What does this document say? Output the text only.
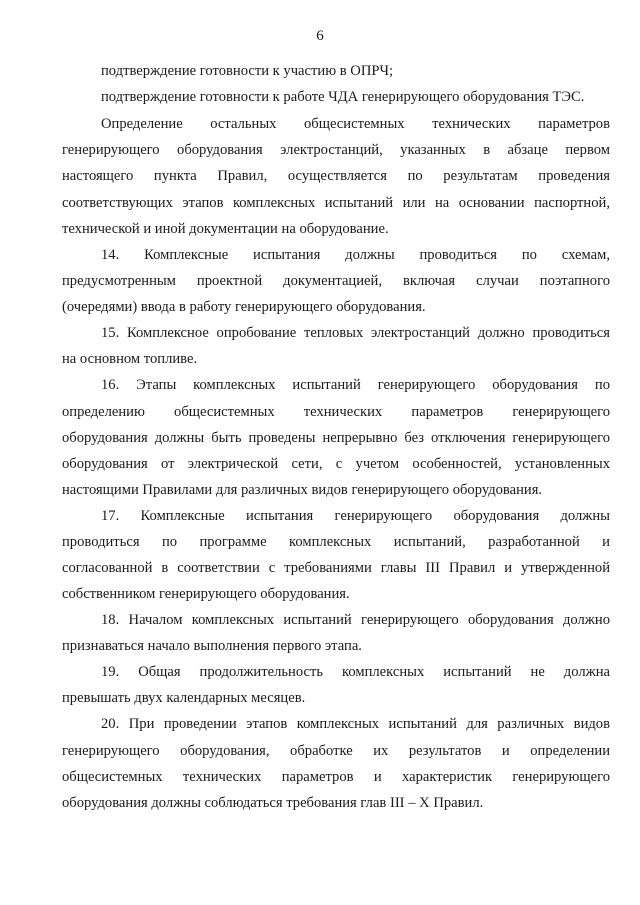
6
подтверждение готовности к участию в ОПРЧ;
подтверждение готовности к работе ЧДА генерирующего оборудования ТЭС.
Определение остальных общесистемных технических параметров
генерирующего оборудования электростанций, указанных в абзаце первом
настоящего пункта Правил, осуществляется по результатам проведения
соответствующих этапов комплексных испытаний или на основании паспортной,
технической и иной документации на оборудование.
14. Комплексные испытания должны проводиться по схемам,
предусмотренным проектной документацией, включая случаи поэтапного
(очередями) ввода в работу генерирующего оборудования.
15. Комплексное опробование тепловых электростанций должно проводиться
на основном топливе.
16. Этапы комплексных испытаний генерирующего оборудования по
определению общесистемных технических параметров генерирующего
оборудования должны быть проведены непрерывно без отключения генерирующего
оборудования от электрической сети, с учетом особенностей, установленных
настоящими Правилами для различных видов генерирующего оборудования.
17. Комплексные испытания генерирующего оборудования должны
проводиться по программе комплексных испытаний, разработанной и
согласованной в соответствии с требованиями главы III Правил и утвержденной
собственником генерирующего оборудования.
18. Началом комплексных испытаний генерирующего оборудования должно
признаваться начало выполнения первого этапа.
19. Общая продолжительность комплексных испытаний не должна
превышать двух календарных месяцев.
20. При проведении этапов комплексных испытаний для различных видов
генерирующего оборудования, обработке их результатов и определении
общесистемных технических параметров и характеристик генерирующего
оборудования должны соблюдаться требования глав III – X Правил.
